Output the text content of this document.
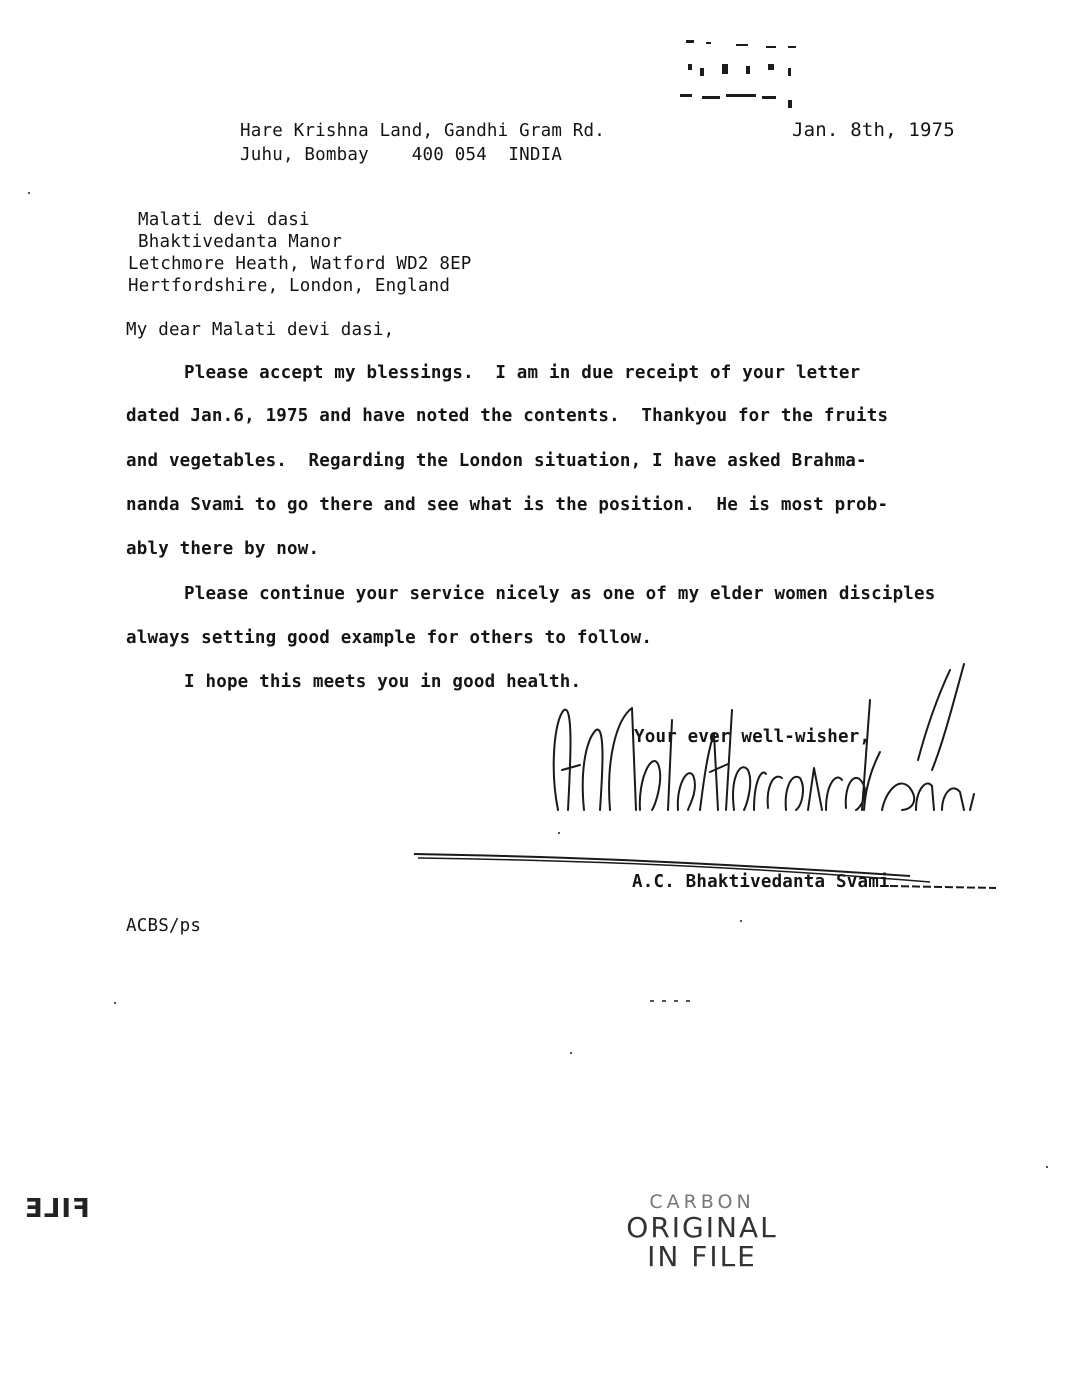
Hare Krishna Land, Gandhi Gram Rd.
Juhu, Bombay    400 054  INDIA
Jan. 8th, 1975
Malati devi dasi
Bhaktivedanta Manor
Letchmore Heath, Watford WD2 8EP
Hertfordshire, London, England
My dear Malati devi dasi,
Please accept my blessings.  I am in due receipt of your letter
dated Jan.6, 1975 and have noted the contents.  Thankyou for the fruits
and vegetables.  Regarding the London situation, I have asked Brahma-
nanda Svami to go there and see what is the position.  He is most prob-
ably there by now.
Please continue your service nicely as one of my elder women disciples
always setting good example for others to follow.
I hope this meets you in good health.
Your ever well-wisher,
A.C. Bhaktivedanta Svami
ACBS/ps
FILE	CARBON
ORIGINAL
IN FILE
